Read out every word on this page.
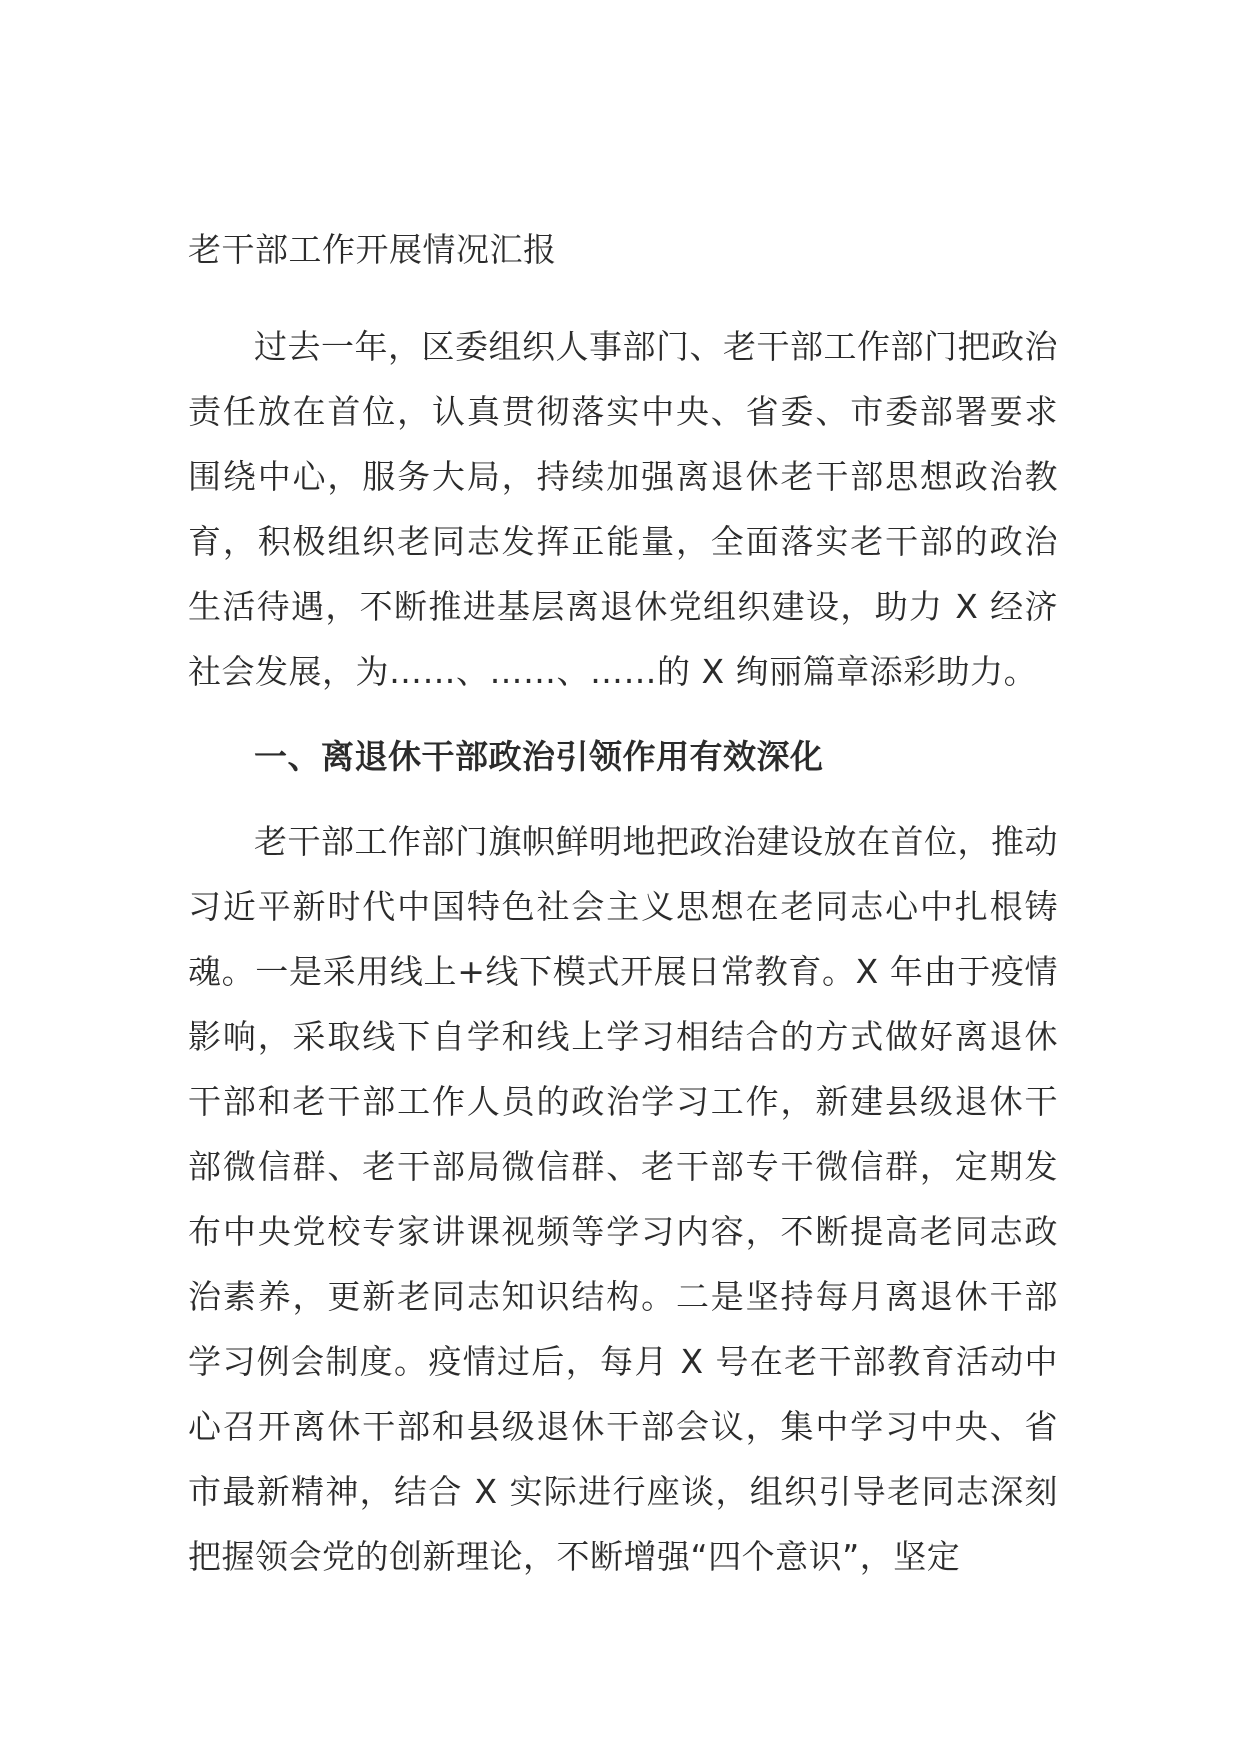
老干部工作开展情况汇报

过去一年，区委组织人事部门、老干部工作部门把政治责任放在首位，认真贯彻落实中央、省委、市委部署要求围绕中心，服务大局，持续加强离退休老干部思想政治教育，积极组织老同志发挥正能量，全面落实老干部的政治生活待遇，不断推进基层离退休党组织建设，助力 X 经济社会发展，为……、……、……的 X 绚丽篇章添彩助力。

一、离退休干部政治引领作用有效深化

老干部工作部门旗帜鲜明地把政治建设放在首位，推动习近平新时代中国特色社会主义思想在老同志心中扎根铸魂。一是采用线上+线下模式开展日常教育。X 年由于疫情影响，采取线下自学和线上学习相结合的方式做好离退休干部和老干部工作人员的政治学习工作，新建县级退休干部微信群、老干部局微信群、老干部专干微信群，定期发布中央党校专家讲课视频等学习内容，不断提高老同志政治素养，更新老同志知识结构。二是坚持每月离退休干部学习例会制度。疫情过后，每月 X 号在老干部教育活动中心召开离休干部和县级退休干部会议，集中学习中央、省市最新精神，结合 X 实际进行座谈，组织引导老同志深刻把握领会党的创新理论，不断增强“四个意识”，坚定
